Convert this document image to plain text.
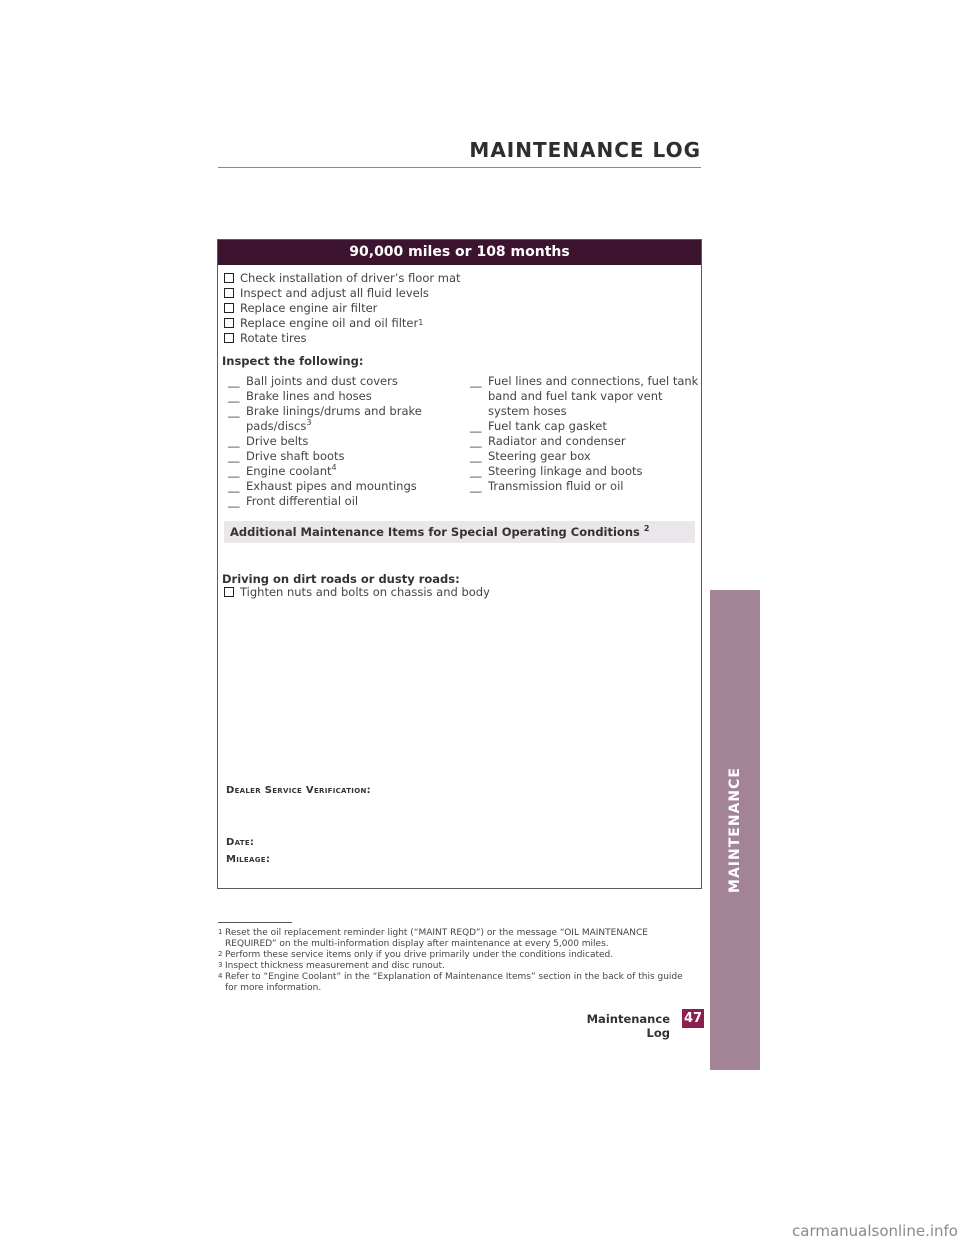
MAINTENANCE LOG
90,000 miles or 108 months
Check installation of driver’s floor mat
Inspect and adjust all fluid levels
Replace engine air filter
Replace engine oil and oil filter 1
Rotate tires
Inspect the following:
__ Ball joints and dust covers
__ Brake lines and hoses
__ Brake linings/drums and brake pads/discs$^3$
__ Drive belts
__ Drive shaft boots
__ Engine coolant$^4$
__ Exhaust pipes and mountings
__ Front differential oil
__ Fuel lines and connections, fuel tank band and fuel tank vapor vent system hoses
__ Fuel tank cap gasket
__ Radiator and condenser
__ Steering gear box
__ Steering linkage and boots
__ Transmission fluid or oil
Additional Maintenance Items for Special Operating Conditions $^2$
Driving on dirt roads or dusty roads:
Tighten nuts and bolts on chassis and body
Dealer Service Verification:
Date:
Mileage:
1 Reset the oil replacement reminder light (“MAINT REQD”) or the message “OIL MAINTENANCE REQUIRED” on the multi-information display after maintenance at every 5,000 miles.
2 Perform these service items only if you drive primarily under the conditions indicated.
3 Inspect thickness measurement and disc runout.
4 Refer to “Engine Coolant” in the “Explanation of Maintenance Items” section in the back of this guide for more information.
Maintenance Log
47
MAINTENANCE
carmanualsonline.info
